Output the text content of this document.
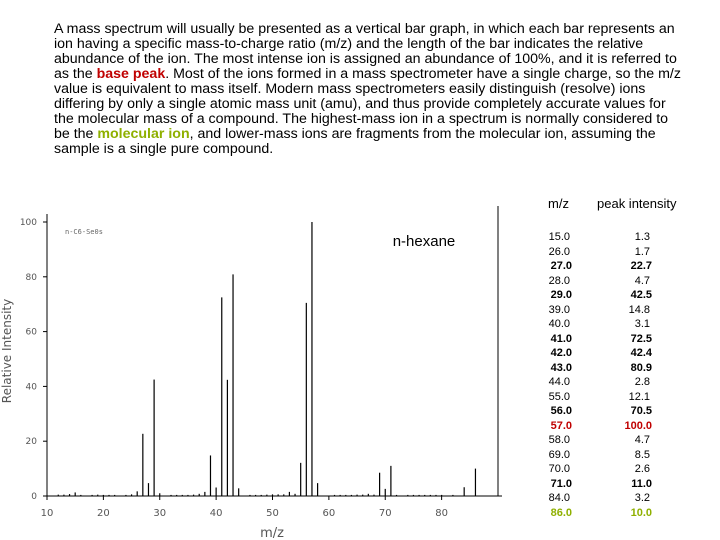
A mass spectrum will usually be presented as a vertical bar graph, in which each bar represents an ion having a specific mass-to-charge ratio (m/z) and the length of the bar indicates the relative abundance of the ion. The most intense ion is assigned an abundance of 100%, and it is referred to as the base peak. Most of the ions formed in a mass spectrometer have a single charge, so the m/z value is equivalent to mass itself. Modern mass spectrometers easily distinguish (resolve) ions differing by only a single atomic mass unit (amu), and thus provide completely accurate values for the molecular mass of a compound. The highest-mass ion in a spectrum is normally considered to be the molecular ion, and lower-mass ions are fragments from the molecular ion, assuming the sample is a single pure compound.
0
20
40
60
80
100
10	20	30	40	50	60	70	80
n-hexane
n-C6-Se0s
m/z
Relative Intensity
m/z peak intensity
15.0	1.3
26.0	1.7
27.0	22.7
28.0	4.7
29.0	42.5
39.0	14.8
40.0	3.1
41.0	72.5
42.0	42.4
43.0	80.9
44.0	2.8
55.0	12.1
56.0	70.5
57.0	100.0
58.0	4.7
69.0	8.5
70.0	2.6
71.0	11.0
84.0	3.2
86.0	10.0
